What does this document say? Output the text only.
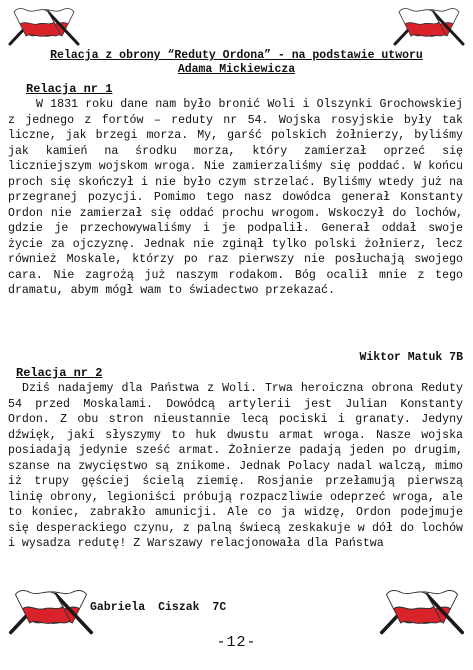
Relacja z obrony “Reduty Ordona” - na podstawie utworu
Adama Mickiewicza
Relacja nr 1

W 1831 roku dane nam było bronić Woli i Olszynki Grochowskiej z jednego z fortów – reduty nr 54. Wojska rosyjskie były tak liczne, jak brzegi morza. My, garść polskich żołnierzy, byliśmy jak kamień na środku morza, który zamierzał oprzeć się liczniejszym wojskom wroga. Nie zamierzaliśmy się poddać. W końcu proch się skończył i nie było czym strzelać. Byliśmy wtedy już na przegranej pozycji. Pomimo tego nasz dowódca generał Konstanty Ordon nie zamierzał się oddać prochu wrogom. Wskoczył do lochów, gdzie je przechowywaliśmy i je podpalił. Generał oddał swoje życie za ojczyznę. Jednak nie zginął tylko polski żołnierz, lecz również Moskale, którzy po raz pierwszy nie posłuchają swojego cara. Nie zagrożą już naszym rodakom. Bóg ocalił mnie z tego dramatu, abym mógł wam to świadectwo przekazać.

Wiktor Matuk 7B
Relacja nr 2

Dziś nadajemy dla Państwa z Woli. Trwa heroiczna obrona Reduty 54 przed Moskalami. Dowódcą artylerii jest Julian Konstanty Ordon. Z obu stron nieustannie lecą pociski i granaty. Jedyny dźwięk, jaki słyszymy to huk dwustu armat wroga. Nasze wojska posiadają jedynie sześć armat. Żołnierze padają jeden po drugim, szanse na zwycięstwo są znikome. Jednak Polacy nadal walczą, mimo iż trupy gęściej ścielą ziemię. Rosjanie przełamują pierwszą linię obrony, legioniści próbują rozpaczliwie odeprzeć wroga, ale to koniec, zabrakło amunicji. Ale co ja widzę, Ordon podejmuje się desperackiego czynu, z palną świecą zeskakuje w dół do lochów i wysadza redutę! Z Warszawy relacjonowała dla Państwa

Gabriela Ciszak 7C
-12-
